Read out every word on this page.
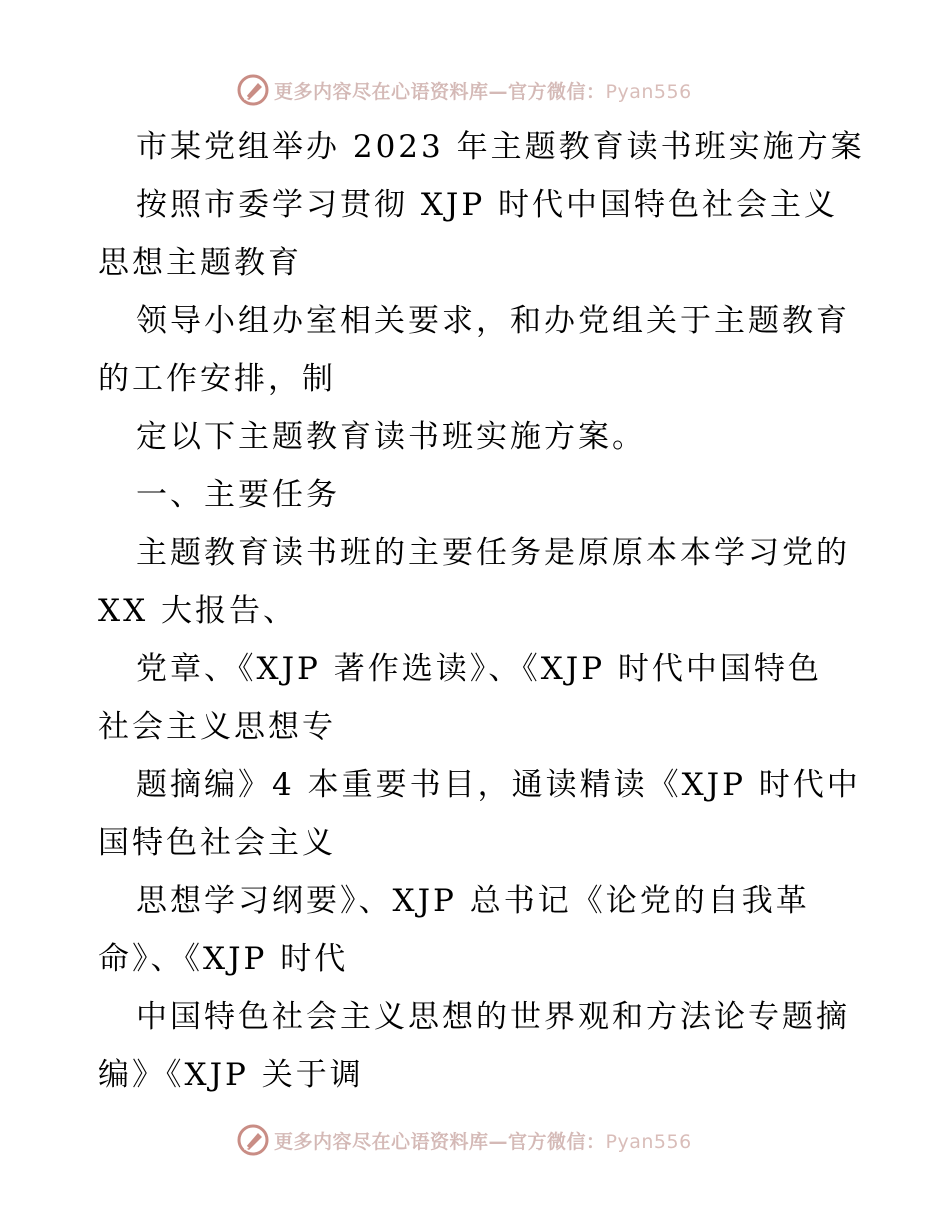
更多内容尽在心语资料库—官方微信：Pyan556
市某党组举办 2023 年主题教育读书班实施方案
按照市委学习贯彻 XJP 时代中国特色社会主义
思想主题教育
领导小组办室相关要求，和办党组关于主题教育
的工作安排，制
定以下主题教育读书班实施方案。
一、主要任务
主题教育读书班的主要任务是原原本本学习党的
XX 大报告、
党章、《XJP 著作选读》、《XJP 时代中国特色
社会主义思想专
题摘编》4 本重要书目，通读精读《XJP 时代中
国特色社会主义
思想学习纲要》、XJP 总书记《论党的自我革
命》、《XJP 时代
中国特色社会主义思想的世界观和方法论专题摘
编》《XJP 关于调
更多内容尽在心语资料库—官方微信：Pyan556
